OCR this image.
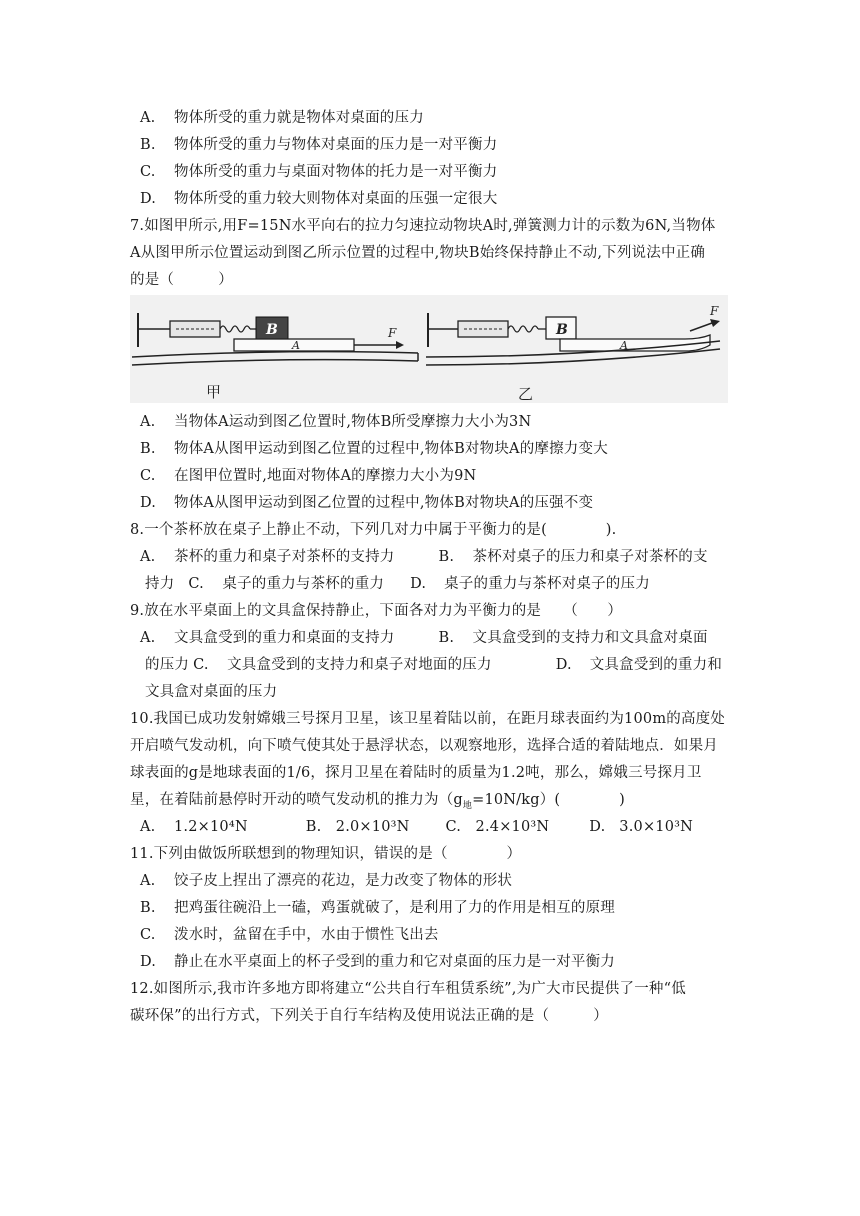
A. 物体所受的重力就是物体对桌面的压力
B. 物体所受的重力与物体对桌面的压力是一对平衡力
C. 物体所受的重力与桌面对物体的托力是一对平衡力
D. 物体所受的重力较大则物体对桌面的压强一定很大
7.如图甲所示,用F=15N水平向右的拉力匀速拉动物块A时,弹簧测力计的示数为6N,当物体
A从图甲所示位置运动到图乙所示位置的过程中,物块B始终保持静止不动,下列说法中正确
的是（　　　）
B
A
F
甲
B
A
F
乙
A. 当物体A运动到图乙位置时,物体B所受摩擦力大小为3N
B. 物体A从图甲运动到图乙位置的过程中,物体B对物块A的摩擦力变大
C. 在图甲位置时,地面对物体A的摩擦力大小为9N
D. 物体A从图甲运动到图乙位置的过程中,物体B对物块A的压强不变
8.一个茶杯放在桌子上静止不动，下列几对力中属于平衡力的是(　　　　).
A. 茶杯的重力和桌子对茶杯的支持力	B. 茶杯对桌子的压力和桌子对茶杯的支
持力 C. 桌子的重力与茶杯的重力 D. 桌子的重力与茶杯对桌子的压力
9.放在水平桌面上的文具盒保持静止，下面各对力为平衡力的是　　（　　）
A. 文具盒受到的重力和桌面的支持力	B. 文具盒受到的支持力和文具盒对桌面
的压力 C. 文具盒受到的支持力和桌子对地面的压力	D. 文具盒受到的重力和
文具盒对桌面的压力
10.我国已成功发射嫦娥三号探月卫星，该卫星着陆以前，在距月球表面约为100m的高度处
开启喷气发动机，向下喷气使其处于悬浮状态，以观察地形，选择合适的着陆地点．如果月
球表面的g是地球表面的1/6，探月卫星在着陆时的质量为1.2吨，那么，嫦娥三号探月卫
星，在着陆前悬停时开动的喷气发动机的推力为$(g_地=10N/kg)$(　　　　)
A. 1.2×10⁴N	B. 2.0×10³N C. 2.4×10³N	D. 3.0×10³N
11.下列由做饭所联想到的物理知识，错误的是（　　　　）
A. 饺子皮上捏出了漂亮的花边，是力改变了物体的形状
B. 把鸡蛋往碗沿上一磕，鸡蛋就破了，是利用了力的作用是相互的原理
C. 泼水时，盆留在手中，水由于惯性飞出去
D. 静止在水平桌面上的杯子受到的重力和它对桌面的压力是一对平衡力
12.如图所示,我市许多地方即将建立“公共自行车租赁系统”,为广大市民提供了一种“低
碳环保”的出行方式，下列关于自行车结构及使用说法正确的是（　　　）
